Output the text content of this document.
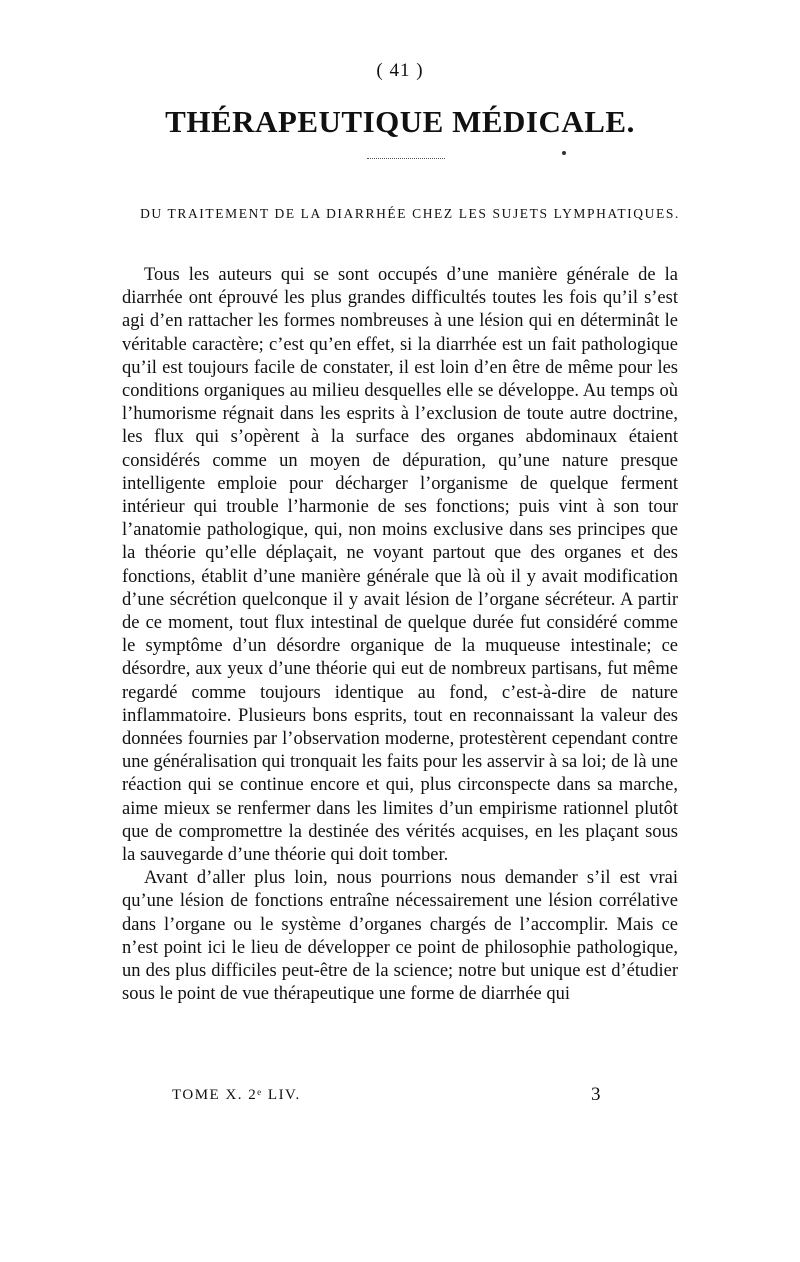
( 41 )
THÉRAPEUTIQUE MÉDICALE.
DU TRAITEMENT DE LA DIARRHÉE CHEZ LES SUJETS LYMPHATIQUES.

Tous les auteurs qui se sont occupés d’une manière générale de la diarrhée ont éprouvé les plus grandes difficultés toutes les fois qu’il s’est agi d’en rattacher les formes nombreuses à une lésion qui en déterminât le véritable caractère; c’est qu’en effet, si la diarrhée est un fait pathologique qu’il est toujours facile de constater, il est loin d’en être de même pour les conditions organiques au milieu desquelles elle se développe. Au temps où l’humorisme régnait dans les esprits à l’exclusion de toute autre doctrine, les flux qui s’opèrent à la surface des organes abdominaux étaient considérés comme un moyen de dépuration, qu’une nature presque intelligente emploie pour décharger l’organisme de quelque ferment intérieur qui trouble l’harmonie de ses fonctions; puis vint à son tour l’anatomie pathologique, qui, non moins exclusive dans ses principes que la théorie qu’elle déplaçait, ne voyant partout que des organes et des fonctions, établit d’une manière générale que là où il y avait modification d’une sécrétion quelconque il y avait lésion de l’organe sécréteur. A partir de ce moment, tout flux intestinal de quelque durée fut considéré comme le symptôme d’un désordre organique de la muqueuse intestinale; ce désordre, aux yeux d’une théorie qui eut de nombreux partisans, fut même regardé comme toujours identique au fond, c’est-à-dire de nature inflammatoire. Plusieurs bons esprits, tout en reconnaissant la valeur des données fournies par l’observation moderne, protestèrent cependant contre une généralisation qui tronquait les faits pour les asservir à sa loi; de là une réaction qui se continue encore et qui, plus circonspecte dans sa marche, aime mieux se renfermer dans les limites d’un empirisme rationnel plutôt que de compromettre la destinée des vérités acquises, en les plaçant sous la sauvegarde d’une théorie qui doit tomber.

Avant d’aller plus loin, nous pourrions nous demander s’il est vrai qu’une lésion de fonctions entraîne nécessairement une lésion corrélative dans l’organe ou le système d’organes chargés de l’accomplir. Mais ce n’est point ici le lieu de développer ce point de philosophie pathologique, un des plus difficiles peut-être de la science; notre but unique est d’étudier sous le point de vue thérapeutique une forme de diarrhée qui

TOME X. 2ᵉ LIV.	3
